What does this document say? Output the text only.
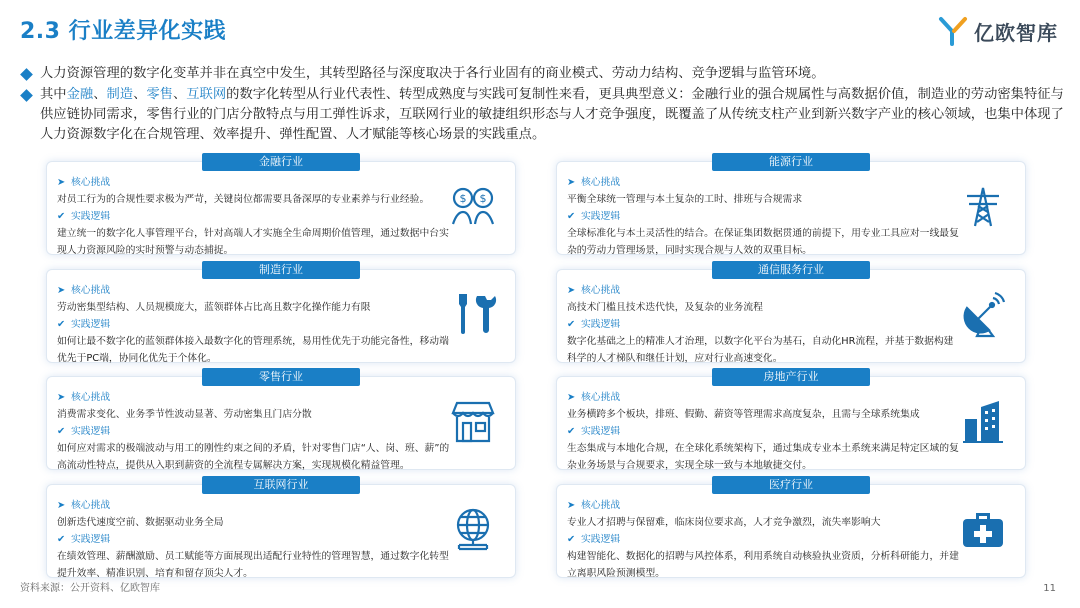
2.3 行业差异化实践	亿欧智库
人力资源管理的数字化变革并非在真空中发生，其转型路径与深度取决于各行业固有的商业模式、劳动力结构、竞争逻辑与监管环境。
其中金融、制造、零售、互联网的数字化转型从行业代表性、转型成熟度与实践可复制性来看，更具典型意义：金融行业的强合规属性与高数据价值，制造业的劳动密集特征与供应链协同需求，零售行业的门店分散特点与用工弹性诉求，互联网行业的敏捷组织形态与人才竞争强度，既覆盖了从传统支柱产业到新兴数字产业的核心领域，也集中体现了人力资源数字化在合规管理、效率提升、弹性配置、人才赋能等核心场景的实践重点。
金融行业
➤ 核心挑战
对员工行为的合规性要求极为严苛，关键岗位都需要具备深厚的专业素养与行业经验。
✔ 实践逻辑
建立统一的数字化人事管理平台，针对高端人才实施全生命周期价值管理，通过数据中台实现人力资源风险的实时预警与动态捕捉。
$ $
能源行业
➤ 核心挑战
平衡全球统一管理与本土复杂的工时、排班与合规需求
✔ 实践逻辑
全球标准化与本土灵活性的结合。在保证集团数据贯通的前提下，用专业工具应对一线最复杂的劳动力管理场景，同时实现合规与人效的双重目标。
制造行业
➤ 核心挑战
劳动密集型结构、人员规模庞大，蓝领群体占比高且数字化操作能力有限
✔ 实践逻辑
如何让最不数字化的蓝领群体接入最数字化的管理系统，易用性优先于功能完备性，移动端优先于PC端，协同化优先于个体化。
通信服务行业
➤ 核心挑战
高技术门槛且技术迭代快，及复杂的业务流程
✔ 实践逻辑
数字化基础之上的精准人才治理，以数字化平台为基石，自动化HR流程，并基于数据构建科学的人才梯队和继任计划，应对行业高速变化。
零售行业
➤ 核心挑战
消费需求变化、业务季节性波动显著、劳动密集且门店分散
✔ 实践逻辑
如何应对需求的极端波动与用工的刚性约束之间的矛盾，针对零售门店“人、岗、班、薪”的高流动性特点，提供从入职到薪资的全流程专属解决方案，实现规模化精益管理。
房地产行业
➤ 核心挑战
业务横跨多个板块，排班、假勤、薪资等管理需求高度复杂，且需与全球系统集成
✔ 实践逻辑
生态集成与本地化合规，在全球化系统架构下，通过集成专业本土系统来满足特定区域的复杂业务场景与合规要求，实现全球一致与本地敏捷交付。
互联网行业
➤ 核心挑战
创新迭代速度空前、数据驱动业务全局
✔ 实践逻辑
在绩效管理、薪酬激励、员工赋能等方面展现出适配行业特性的管理智慧，通过数字化转型提升效率、精准识别、培育和留存顶尖人才。
医疗行业
➤ 核心挑战
专业人才招聘与保留难，临床岗位要求高，人才竞争激烈，流失率影响大
✔ 实践逻辑
构建智能化、数据化的招聘与风控体系，利用系统自动核验执业资质，分析科研能力，并建立离职风险预测模型。
资料来源：公开资料、亿欧智库	11
